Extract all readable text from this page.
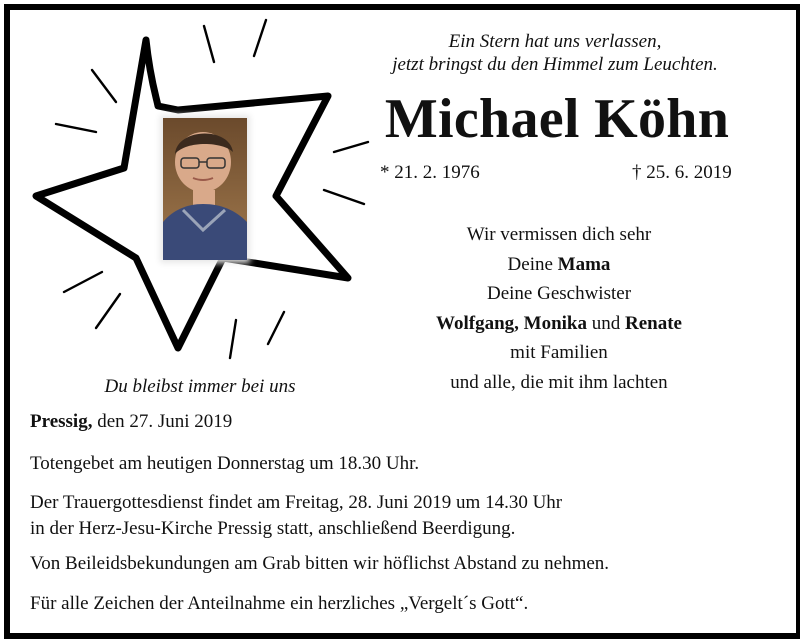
Ein Stern hat uns verlassen,
jetzt bringst du den Himmel zum Leuchten.
Michael Köhn
* 21. 2. 1976	† 25. 6. 2019
Wir vermissen dich sehr
Deine Mama
Deine Geschwister
Wolfgang, Monika und Renate
mit Familien
und alle, die mit ihm lachten
Du bleibst immer bei uns
Pressig, den 27. Juni 2019
Totengebet am heutigen Donnerstag um 18.30 Uhr.
Der Trauergottesdienst findet am Freitag, 28. Juni 2019 um 14.30 Uhr
in der Herz-Jesu-Kirche Pressig statt, anschließend Beerdigung.
Von Beileidsbekundungen am Grab bitten wir höflichst Abstand zu nehmen.
Für alle Zeichen der Anteilnahme ein herzliches „Vergelt´s Gott“.
